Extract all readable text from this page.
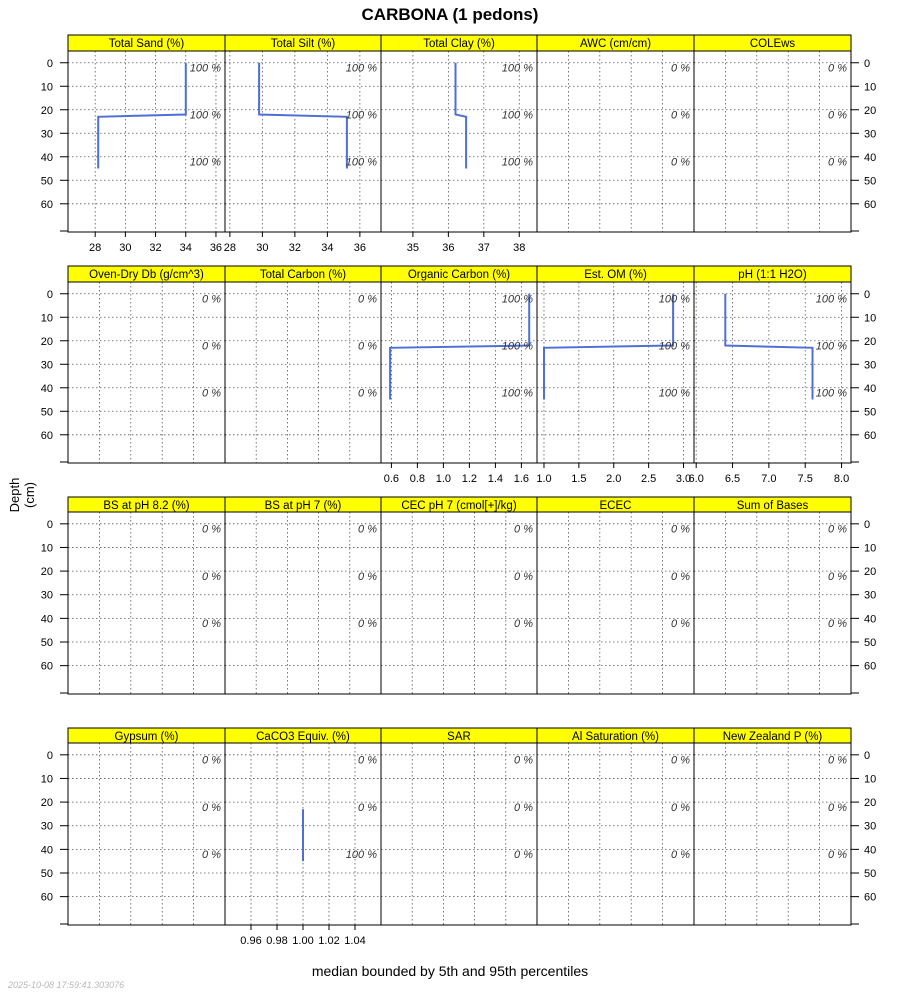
CARBONA (1 pedons)
Depth (cm)
Total Sand (%)
100 %
100 %
100 %
28 30 32 34 36
Total Silt (%)
100 %
100 %
100 %
28 30 32 34 36
Total Clay (%)
100 %
100 %
100 %
35 36 37 38
AWC (cm/cm)
0 %
0 %
0 %
COLEws
0 %
0 %
0 %
Oven-Dry Db (g/cm^3)
0 %
0 %
0 %
Total Carbon (%)
0 %
0 %
0 %
Organic Carbon (%)
100 %
100 %
100 %
0.6 0.8 1.0 1.2 1.4 1.6
Est. OM (%)
100 %
100 %
100 %
1.0 1.5 2.0 2.5 3.0
pH (1:1 H2O)
100 %
100 %
100 %
6.0 6.5 7.0 7.5 8.0
BS at pH 8.2 (%)
0 %
0 %
0 %
BS at pH 7 (%)
0 %
0 %
0 %
CEC pH 7 (cmol[+]/kg)
0 %
0 %
0 %
ECEC
0 %
0 %
0 %
Sum of Bases
0 %
0 %
0 %
Gypsum (%)
0 %
0 %
0 %
CaCO3 Equiv. (%)
0 %
0 %
100 %
0.96 0.98 1.00 1.02 1.04
SAR
0 %
0 %
0 %
Al Saturation (%)
0 %
0 %
0 %
New Zealand P (%)
0 %
0 %
0 %
0	0
10	10
20	20
30	30
40	40
50	50
60	60
0	0
10	10
20	20
30	30
40	40
50	50
60	60
0	0
10	10
20	20
30	30
40	40
50	50
60	60
0	0
10	10
20	20
30	30
40	40
50	50
60	60
median bounded by 5th and 95th percentiles
2025-10-08 17:59:41.303076
